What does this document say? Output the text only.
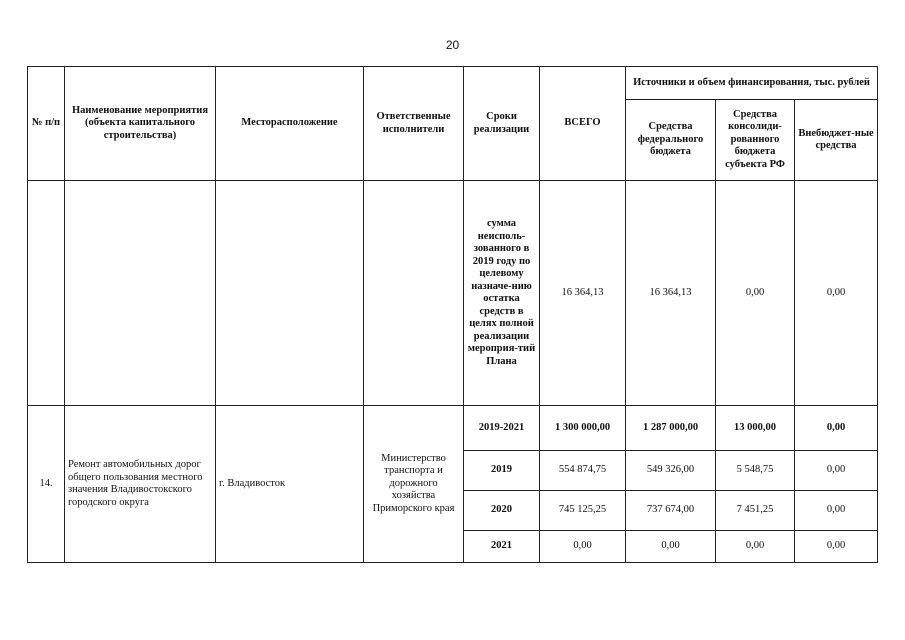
20
№ п/п	Наименование мероприятия (объекта капитального строительства)	Месторасположение	Ответственные исполнители	Сроки реализации	ВСЕГО	Источники и объем финансирования, тыс. рублей		
						Средства федерального бюджета	Средства консолиди-рованного бюджета субъекта РФ	Внебюджет-ные средства
				сумма неисполь-зованного в 2019 году по целевому назначе-нию остатка средств в целях полной реализации мероприя-тий Плана	16 364,13	16 364,13	0,00	0,00
14.	Ремонт автомобильных дорог общего пользования местного значения Владивостокского городского округа	г. Владивосток	Министерство транспорта и дорожного хозяйства Приморского края	2019-2021	1 300 000,00	1 287 000,00	13 000,00	0,00
				2019	554 874,75	549 326,00	5 548,75	0,00
				2020	745 125,25	737 674,00	7 451,25	0,00
				2021	0,00	0,00	0,00	0,00
